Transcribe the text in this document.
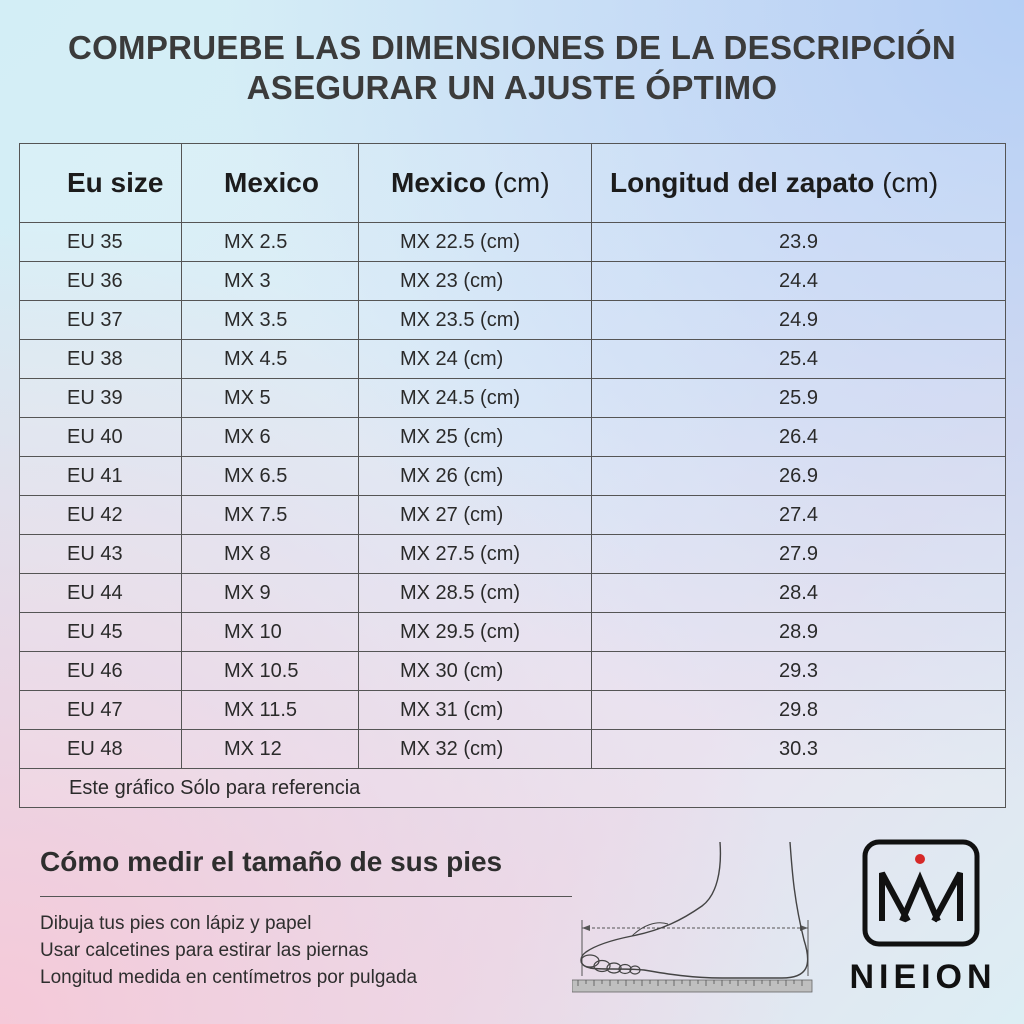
COMPRUEBE LAS DIMENSIONES DE LA DESCRIPCIÓN
ASEGURAR UN AJUSTE ÓPTIMO
Eu size	Mexico	Mexico (cm)	Longitud del zapato (cm)
EU 35	MX 2.5	MX 22.5 (cm)	23.9
EU 36	MX 3	MX 23 (cm)	24.4
EU 37	MX 3.5	MX 23.5 (cm)	24.9
EU 38	MX 4.5	MX 24 (cm)	25.4
EU 39	MX 5	MX 24.5 (cm)	25.9
EU 40	MX 6	MX 25 (cm)	26.4
EU 41	MX 6.5	MX 26 (cm)	26.9
EU 42	MX 7.5	MX 27 (cm)	27.4
EU 43	MX 8	MX 27.5 (cm)	27.9
EU 44	MX 9	MX 28.5 (cm)	28.4
EU 45	MX 10	MX 29.5 (cm)	28.9
EU 46	MX 10.5	MX 30 (cm)	29.3
EU 47	MX 11.5	MX 31 (cm)	29.8
EU 48	MX 12	MX 32 (cm)	30.3
Este gráfico Sólo para referencia			
Cómo medir el tamaño de sus pies
Dibuja tus pies con lápiz y papel
Usar calcetines para estirar las piernas
Longitud medida en centímetros por pulgada	NIEION
